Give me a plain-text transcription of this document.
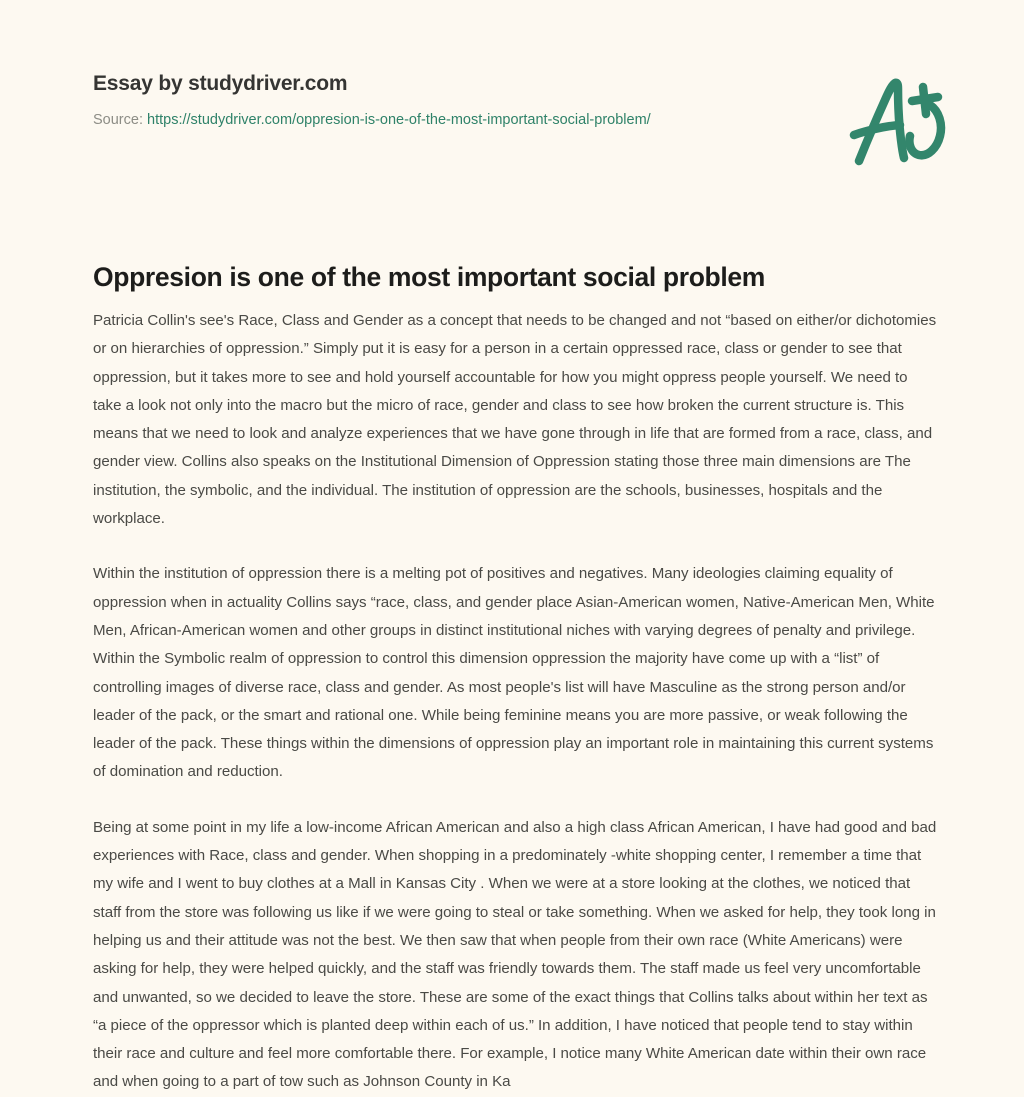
Essay by studydriver.com
Source: https://studydriver.com/oppresion-is-one-of-the-most-important-social-problem/
Oppresion is one of the most important social problem

Patricia Collin's see's Race, Class and Gender as a concept that needs to be changed and not “based on either/or dichotomies or on hierarchies of oppression.” Simply put it is easy for a person in a certain oppressed race, class or gender to see that oppression, but it takes more to see and hold yourself accountable for how you might oppress people yourself. We need to take a look not only into the macro but the micro of race, gender and class to see how broken the current structure is. This means that we need to look and analyze experiences that we have gone through in life that are formed from a race, class, and gender view. Collins also speaks on the Institutional Dimension of Oppression stating those three main dimensions are The institution, the symbolic, and the individual. The institution of oppression are the schools, businesses, hospitals and the workplace.

Within the institution of oppression there is a melting pot of positives and negatives. Many ideologies claiming equality of oppression when in actuality Collins says “race, class, and gender place Asian-American women, Native-American Men, White Men, African-American women and other groups in distinct institutional niches with varying degrees of penalty and privilege. Within the Symbolic realm of oppression to control this dimension oppression the majority have come up with a “list” of controlling images of diverse race, class and gender. As most people's list will have Masculine as the strong person and/or leader of the pack, or the smart and rational one. While being feminine means you are more passive, or weak following the leader of the pack. These things within the dimensions of oppression play an important role in maintaining this current systems of domination and reduction.

Being at some point in my life a low-income African American and also a high class African American, I have had good and bad experiences with Race, class and gender. When shopping in a predominately -white shopping center, I remember a time that my wife and I went to buy clothes at a Mall in Kansas City . When we were at a store looking at the clothes, we noticed that staff from the store was following us like if we were going to steal or take something. When we asked for help, they took long in helping us and their attitude was not the best. We then saw that when people from their own race (White Americans) were asking for help, they were helped quickly, and the staff was friendly towards them. The staff made us feel very uncomfortable and unwanted, so we decided to leave the store. These are some of the exact things that Collins talks about within her text as “a piece of the oppressor which is planted deep within each of us.” In addition, I have noticed that people tend to stay within their race and culture and feel more comfortable there. For example, I notice many White American date within their own race and when going to a part of tow such as Johnson County in Ka
